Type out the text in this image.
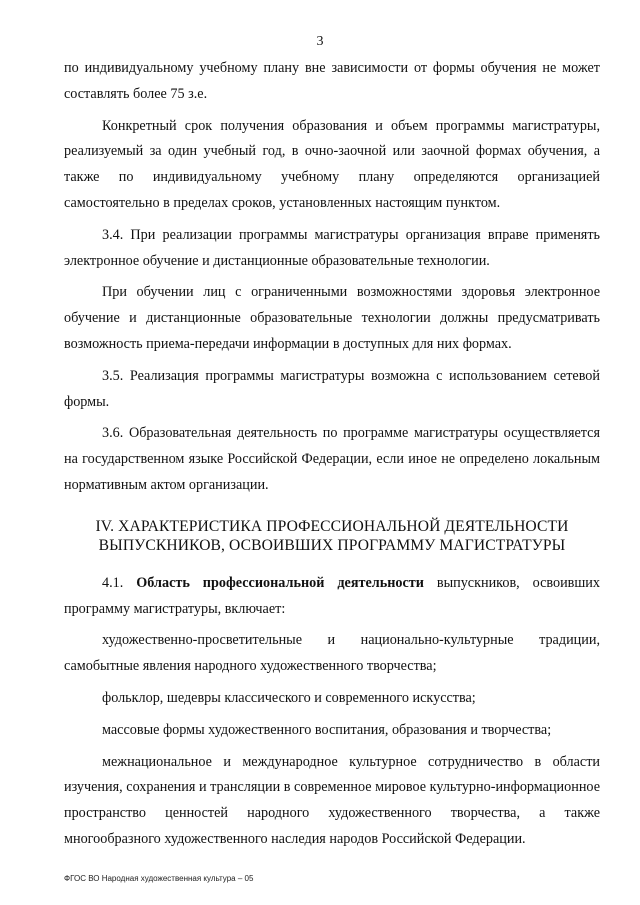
3

по индивидуальному учебному плану вне зависимости от формы обучения не может составлять более 75 з.е.

Конкретный срок получения образования и объем программы магистратуры, реализуемый за один учебный год, в очно-заочной или заочной формах обучения, а также по индивидуальному учебному плану определяются организацией самостоятельно в пределах сроков, установленных настоящим пунктом.

3.4. При реализации программы магистратуры организация вправе применять электронное обучение и дистанционные образовательные технологии.

При обучении лиц с ограниченными возможностями здоровья электронное обучение и дистанционные образовательные технологии должны предусматривать возможность приема-передачи информации в доступных для них формах.

3.5. Реализация программы магистратуры возможна с использованием сетевой формы.

3.6. Образовательная деятельность по программе магистратуры осуществляется на государственном языке Российской Федерации, если иное не определено локальным нормативным актом организации.

IV. ХАРАКТЕРИСТИКА ПРОФЕССИОНАЛЬНОЙ ДЕЯТЕЛЬНОСТИ
ВЫПУСКНИКОВ, ОСВОИВШИХ ПРОГРАММУ МАГИСТРАТУРЫ

4.1. Область профессиональной деятельности выпускников, освоивших программу магистратуры, включает:

художественно-просветительные и национально-культурные традиции, самобытные явления народного художественного творчества;

фольклор, шедевры классического и современного искусства;

массовые формы художественного воспитания, образования и творчества;

межнациональное и международное культурное сотрудничество в области изучения, сохранения и трансляции в современное мировое культурно-информационное пространство ценностей народного художественного творчества, а также многообразного художественного наследия народов Российской Федерации.

ФГОС ВО Народная художественная культура – 05
